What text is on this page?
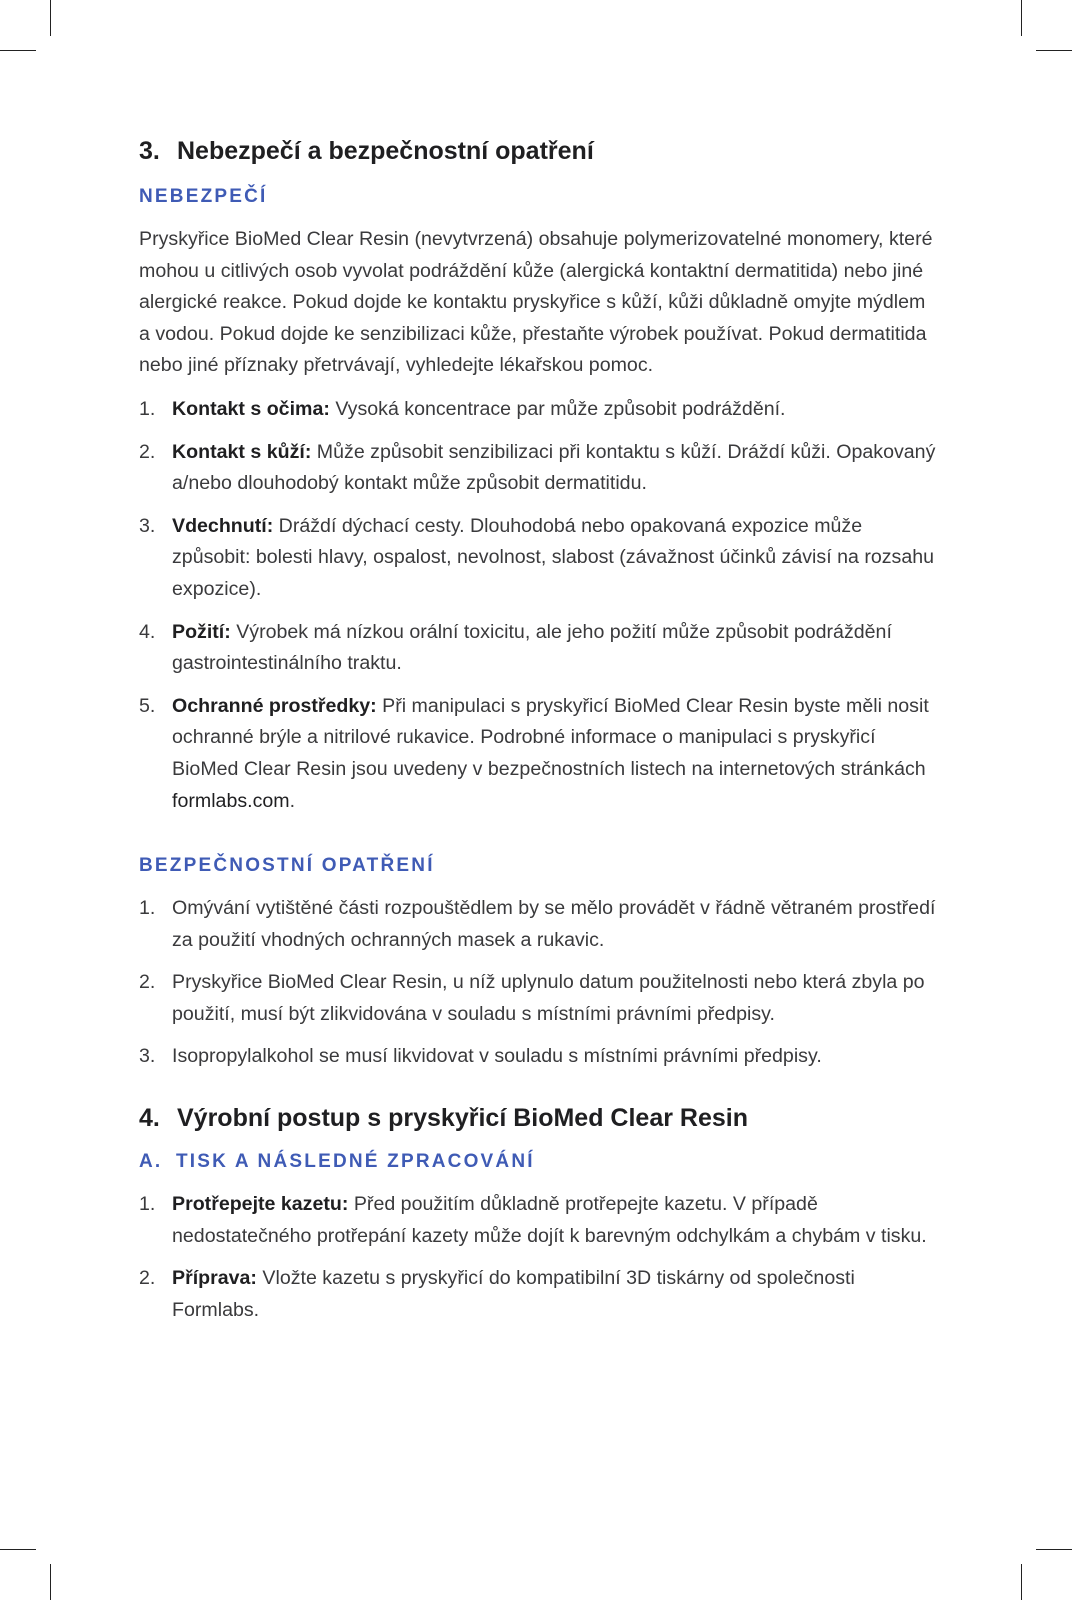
3. Nebezpečí a bezpečnostní opatření
NEBEZPEČÍ

Pryskyřice BioMed Clear Resin (nevytvrzená) obsahuje polymerizovatelné monomery, které mohou u citlivých osob vyvolat podráždění kůže (alergická kontaktní dermatitida) nebo jiné alergické reakce. Pokud dojde ke kontaktu pryskyřice s kůží, kůži důkladně omyjte mýdlem a vodou. Pokud dojde ke senzibilizaci kůže, přestaňte výrobek používat. Pokud dermatitida nebo jiné příznaky přetrvávají, vyhledejte lékařskou pomoc.

1. Kontakt s očima: Vysoká koncentrace par může způsobit podráždění.
2. Kontakt s kůží: Může způsobit senzibilizaci při kontaktu s kůží. Dráždí kůži. Opakovaný a/nebo dlouhodobý kontakt může způsobit dermatitidu.
3. Vdechnutí: Dráždí dýchací cesty. Dlouhodobá nebo opakovaná expozice může způsobit: bolesti hlavy, ospalost, nevolnost, slabost (závažnost účinků závisí na rozsahu expozice).
4. Požití: Výrobek má nízkou orální toxicitu, ale jeho požití může způsobit podráždění gastrointestinálního traktu.
5. Ochranné prostředky: Při manipulaci s pryskyřicí BioMed Clear Resin byste měli nosit ochranné brýle a nitrilové rukavice. Podrobné informace o manipulaci s pryskyřicí BioMed Clear Resin jsou uvedeny v bezpečnostních listech na internetových stránkách formlabs.com.
BEZPEČNOSTNÍ OPATŘENÍ
1. Omývání vytištěné části rozpouštědlem by se mělo provádět v řádně větraném prostředí za použití vhodných ochranných masek a rukavic.
2. Pryskyřice BioMed Clear Resin, u níž uplynulo datum použitelnosti nebo která zbyla po použití, musí být zlikvidována v souladu s místními právními předpisy.
3. Isopropylalkohol se musí likvidovat v souladu s místními právními předpisy.
4. Výrobní postup s pryskyřicí BioMed Clear Resin
A. TISK A NÁSLEDNÉ ZPRACOVÁNÍ
1. Protřepejte kazetu: Před použitím důkladně protřepejte kazetu. V případě nedostatečného protřepání kazety může dojít k barevným odchylkám a chybám v tisku.
2. Příprava: Vložte kazetu s pryskyřicí do kompatibilní 3D tiskárny od společnosti Formlabs.
